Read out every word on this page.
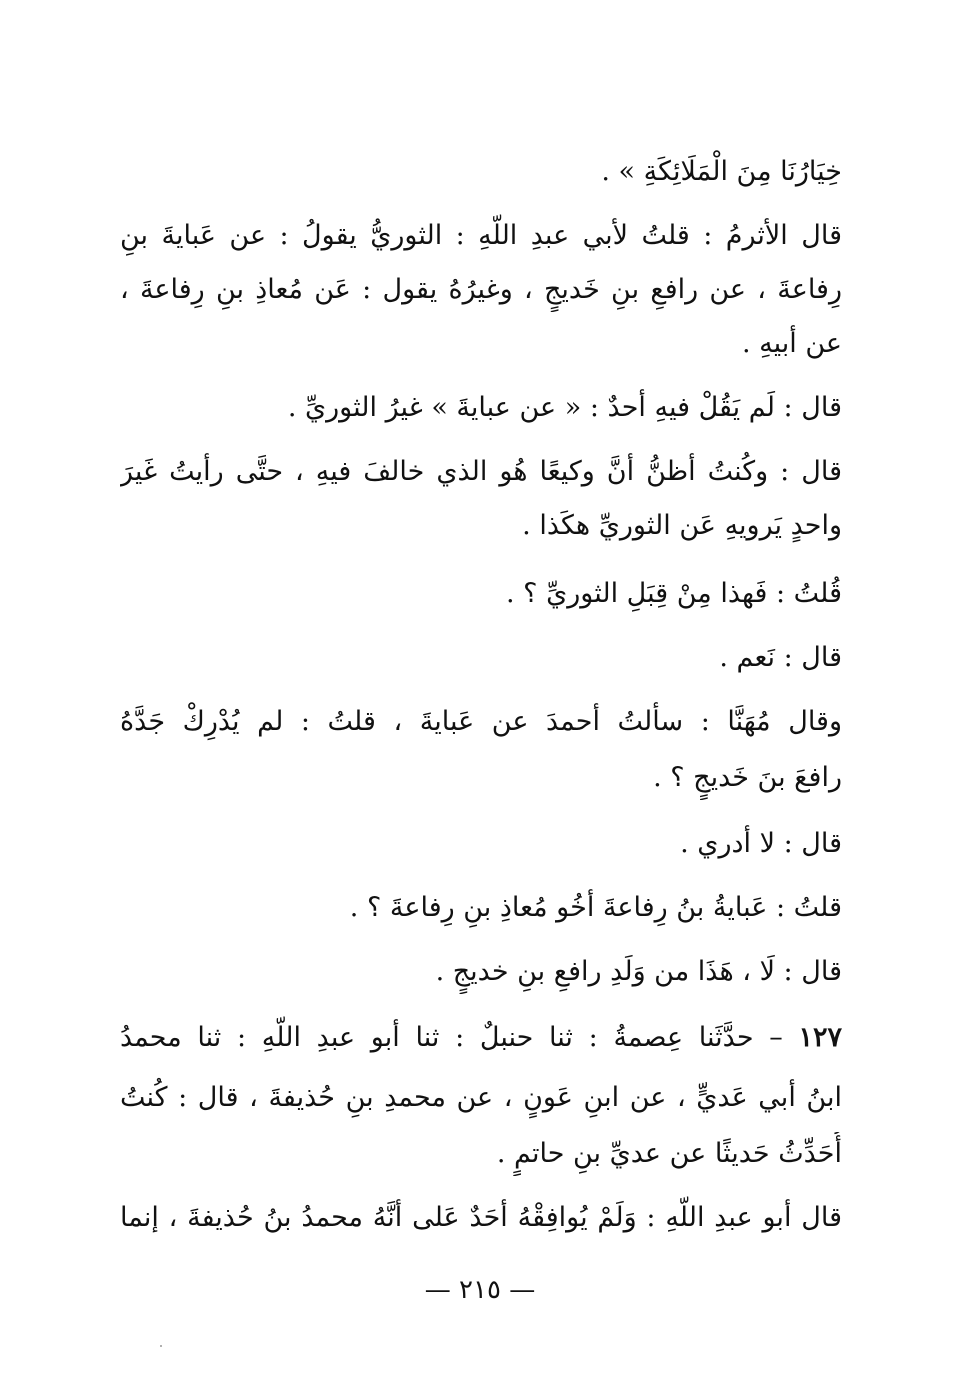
خِيَارُنَا مِنَ الْمَلَائِكَةِ » .
قال الأثرمُ : قلتُ لأبي عبدِ اللّهِ : الثوريُّ يقولُ : عن عَبايةَ بنِ
رِفاعةَ ، عن رافعِ بنِ خَديجٍ ، وغيرُهُ يقول : عَن مُعاذِ بنِ رِفاعةَ ،
عن أبيهِ .
قال : لَم يَقُلْ فيهِ أحدٌ : « عن عبايةَ » غيرُ الثوريِّ .
قال : وكُنتُ أظنُّ أنَّ وكيعًا هُو الذي خالفَ فيهِ ، حتَّى رأيتُ غَيرَ
واحدٍ يَرويهِ عَن الثوريِّ هكَذا .
قُلتُ : فَهذا مِنْ قِبَلِ الثوريِّ ؟ .
قال : نَعم .
وقال مُهَنَّا : سألتُ أحمدَ عن عَبايةَ ، قلتُ : لم يُدْرِكْ جَدَّهُ
رافعَ بنَ خَديجٍ ؟ .
قال : لا أدري .
قلتُ : عَبايةُ بنُ رِفاعةَ أخُو مُعاذِ بنِ رِفاعةَ ؟ .
قال : لَا ، هَذَا من وَلَدِ رافعِ بنِ خديجٍ .
١٢٧ – حدَّثَنا عِصمةُ : ثنا حنبلٌ : ثنا أبو عبدِ اللّهِ : ثنا محمدُ
ابنُ أبي عَديٍّ ، عن ابنِ عَونٍ ، عن محمدِ بنِ حُذيفةَ ، قال : كُنتُ
أُحَدِّثُ حَديثًا عن عديِّ بنِ حاتمٍ .
قال أبو عبدِ اللّهِ : وَلَمْ يُوافِقْهُ أحَدٌ عَلى أنَّهُ محمدُ بنُ حُذيفةَ ، إنما
— ٢١٥ —
